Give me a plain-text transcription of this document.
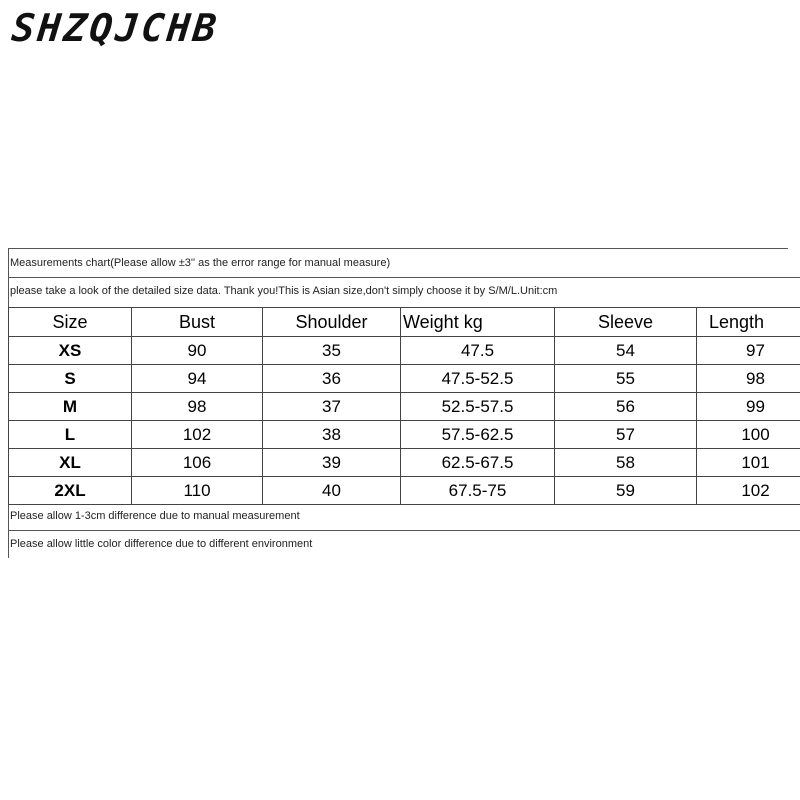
SHZQJCHB
Measurements chart(Please allow ±3'' as the error range for manual measure)
please take a look of the detailed size data. Thank you!This is Asian size,don't simply choose it by S/M/L.Unit:cm
Size	Bust	Shoulder	Weight kg	Sleeve	Length
XS	90	35	47.5	54	97
S	94	36	47.5-52.5	55	98
M	98	37	52.5-57.5	56	99
L	102	38	57.5-62.5	57	100
XL	106	39	62.5-67.5	58	101
2XL	110	40	67.5-75	59	102
Please allow 1-3cm difference due to manual measurement
Please allow little color difference due to different environment
